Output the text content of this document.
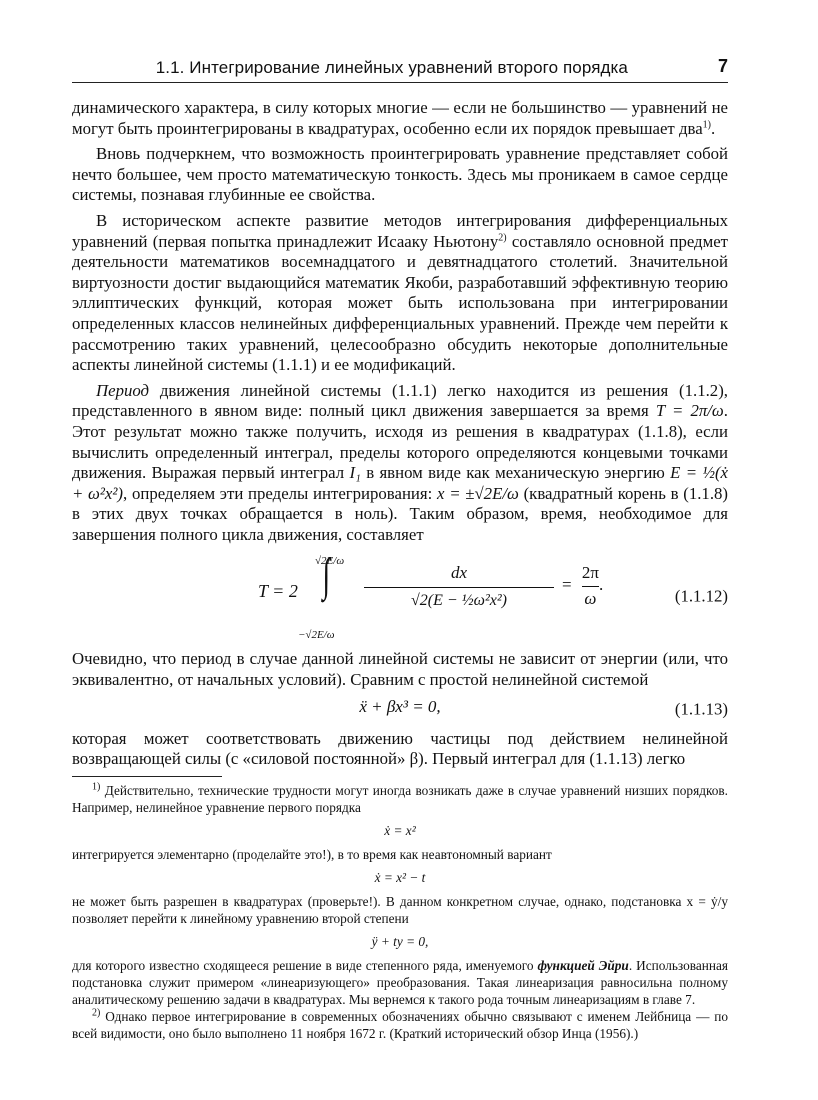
1.1. Интегрирование линейных уравнений второго порядка	7

динамического характера, в силу которых многие — если не большинство — уравнений не могут быть проинтегрированы в квадратурах, особенно если их порядок превышает два$^{1)}$.

Вновь подчеркнем, что возможность проинтегрировать уравнение представляет собой нечто большее, чем просто математическую тонкость. Здесь мы проникаем в самое сердце системы, познавая глубинные ее свойства.

В историческом аспекте развитие методов интегрирования дифференциальных уравнений (первая попытка принадлежит Исааку Ньютону$^{2)}$ составляло основной предмет деятельности математиков восемнадцатого и девятнадцатого столетий. Значительной виртуозности достиг выдающийся математик Якоби, разработавший эффективную теорию эллиптических функций, которая может быть использована при интегрировании определенных классов нелинейных дифференциальных уравнений. Прежде чем перейти к рассмотрению таких уравнений, целесообразно обсудить некоторые дополнительные аспекты линейной системы (1.1.1) и ее модификаций.

Период движения линейной системы (1.1.1) легко находится из решения (1.1.2), представленного в явном виде: полный цикл движения завершается за время T = 2π/ω. Этот результат можно также получить, исходя из решения в квадратурах (1.1.8), если вычислить определенный интеграл, пределы которого определяются концевыми точками движения. Выражая первый интеграл I₁ в явном виде как механическую энергию E = ½(ẋ + ω²x²), определяем эти пределы интегрирования: x = ±√2E/ω (квадратный корень в (1.1.8) в этих двух точках обращается в ноль). Таким образом, время, необходимое для завершения полного цикла движения, составляет

T = 2
√2E/ω
∫
−√2E/ω
dx
√2(E − ½ω²x²)
= $\frac{2\pi}{\omega}$ .
(1.1.12)

Очевидно, что период в случае данной линейной системы не зависит от энергии (или, что эквивалентно, от начальных условий). Сравним с простой нелинейной системой

ẍ + βx³ = 0,	(1.1.13)

которая может соответствовать движению частицы под действием нелинейной возвращающей силы (с «силовой постоянной» β). Первый интеграл для (1.1.13) легко

$^{1)}$ Действительно, технические трудности могут иногда возникать даже в случае уравнений низших порядков. Например, нелинейное уравнение первого порядка

ẋ = x²

интегрируется элементарно (проделайте это!), в то время как неавтономный вариант

ẋ = x² − t

не может быть разрешен в квадратурах (проверьте!). В данном конкретном случае, однако, подстановка x = ẏ/y позволяет перейти к линейному уравнению второй степени

ÿ + ty = 0,

для которого известно сходящееся решение в виде степенного ряда, именуемого функцией Эйри. Использованная подстановка служит примером «линеаризующего» преобразования. Такая линеаризация равносильна полному аналитическому решению задачи в квадратурах. Мы вернемся к такого рода точным линеаризациям в главе 7.

$^{2)}$ Однако первое интегрирование в современных обозначениях обычно связывают с именем Лейбница — по всей видимости, оно было выполнено 11 ноября 1672 г. (Краткий исторический обзор Инца (1956).)
